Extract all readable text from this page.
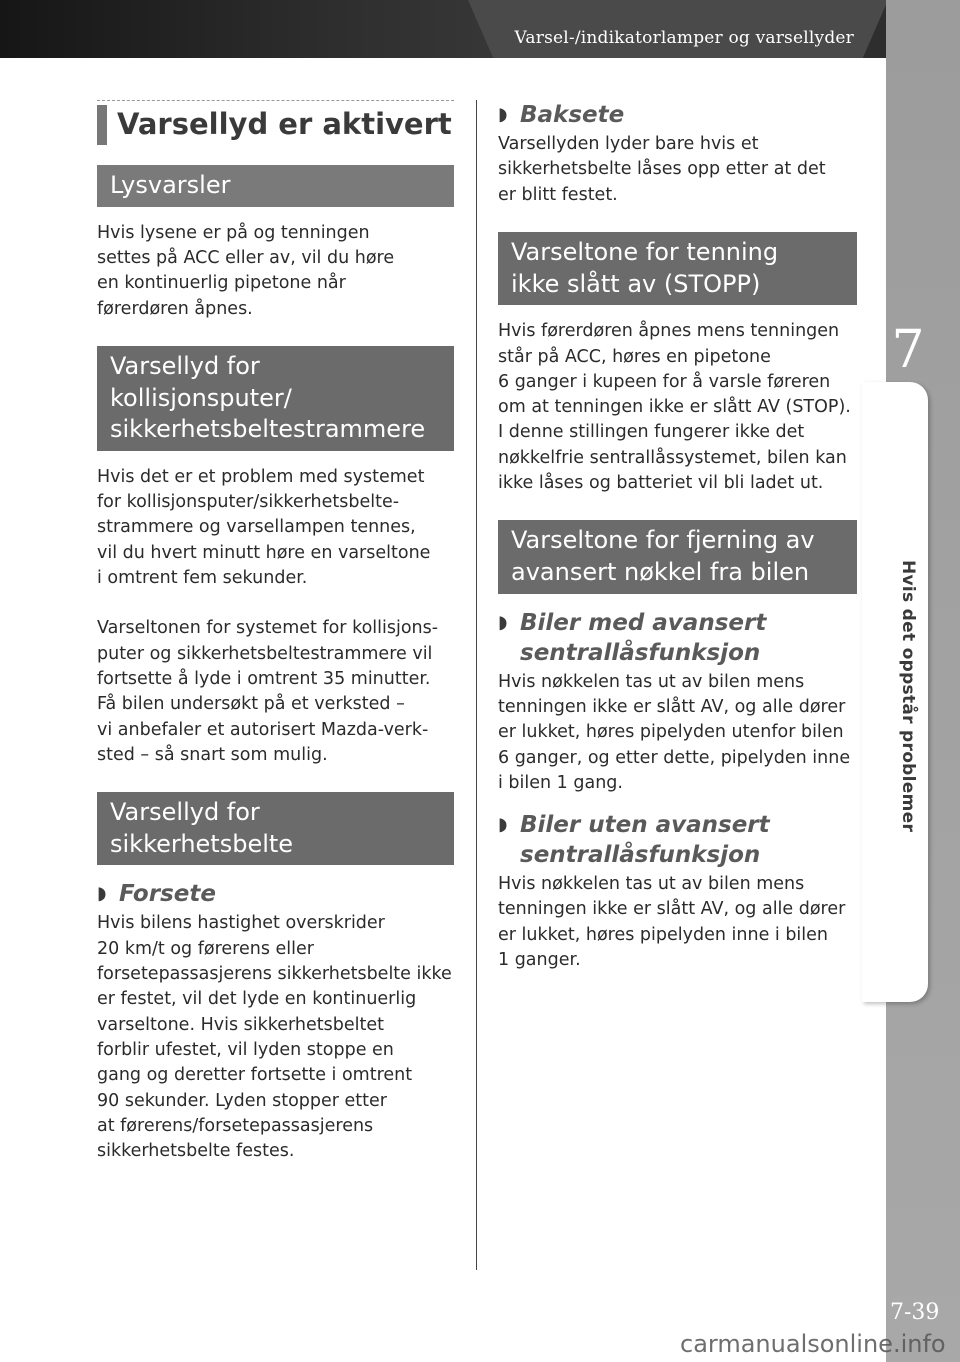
Varsel-/indikatorlamper og varsellyder
7
Hvis det oppstår problemer
7-39
carmanualsonline.info
Varsellyd er aktivert
Lysvarsler

Hvis lysene er på og tenningen
settes på ACC eller av, vil du høre
en kontinuerlig pipetone når
førerdøren åpnes.

Varsellyd for
kollisjonsputer/
sikkerhetsbeltestrammere

Hvis det er et problem med systemet
for kollisjonsputer/sikkerhetsbelte-
strammere og varsellampen tennes,
vil du hvert minutt høre en varseltone
i omtrent fem sekunder.

Varseltonen for systemet for kollisjons-
puter og sikkerhetsbeltestrammere vil
fortsette å lyde i omtrent 35 minutter.
Få bilen undersøkt på et verksted –
vi anbefaler et autorisert Mazda-verk-
sted – så snart som mulig.

Varsellyd for
sikkerhetsbelte
◗ Forsete

Hvis bilens hastighet overskrider
20 km/t og førerens eller
forsetepassasjerens sikkerhetsbelte ikke
er festet, vil det lyde en kontinuerlig
varseltone. Hvis sikkerhetsbeltet
forblir ufestet, vil lyden stoppe en
gang og deretter fortsette i omtrent
90 sekunder. Lyden stopper etter
at førerens/forsetepassasjerens
sikkerhetsbelte festes.

◗ Baksete

Varsellyden lyder bare hvis et
sikkerhetsbelte låses opp etter at det
er blitt festet.

Varseltone for tenning
ikke slått av (STOPP)

Hvis førerdøren åpnes mens tenningen
står på ACC, høres en pipetone
6 ganger i kupeen for å varsle føreren
om at tenningen ikke er slått AV (STOP).
I denne stillingen fungerer ikke det
nøkkelfrie sentrallåssystemet, bilen kan
ikke låses og batteriet vil bli ladet ut.

Varseltone for fjerning av
avansert nøkkel fra bilen
◗ Biler med avansert
sentrallåsfunksjon

Hvis nøkkelen tas ut av bilen mens
tenningen ikke er slått AV, og alle dører
er lukket, høres pipelyden utenfor bilen
6 ganger, og etter dette, pipelyden inne
i bilen 1 gang.

◗ Biler uten avansert
sentrallåsfunksjon

Hvis nøkkelen tas ut av bilen mens
tenningen ikke er slått AV, og alle dører
er lukket, høres pipelyden inne i bilen
1 ganger.
